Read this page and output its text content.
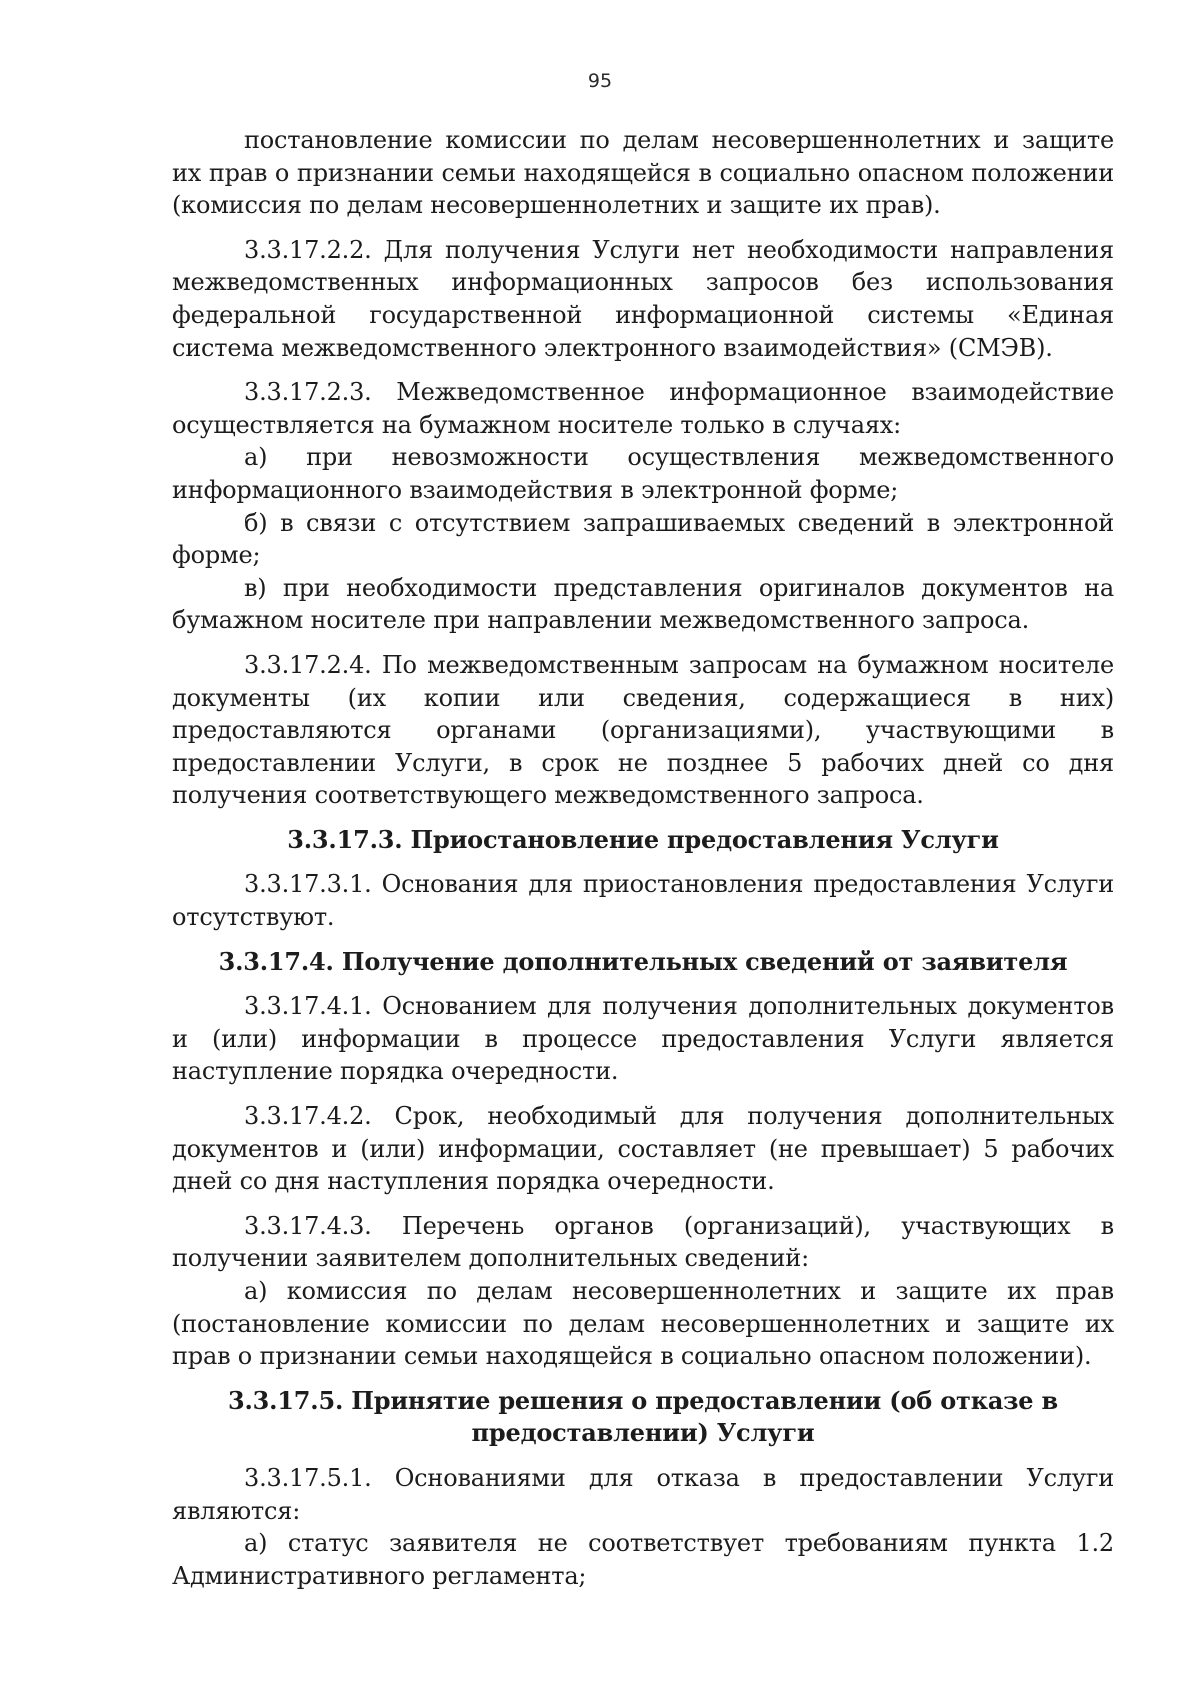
95

постановление комиссии по делам несовершеннолетних и защите их прав о признании семьи находящейся в социально опасном положении (комиссия по делам несовершеннолетних и защите их прав).

3.3.17.2.2. Для получения Услуги нет необходимости направления межведомственных информационных запросов без использования федеральной государственной информационной системы «Единая система межведомственного электронного взаимодействия» (СМЭВ).

3.3.17.2.3. Межведомственное информационное взаимодействие осуществляется на бумажном носителе только в случаях:

а) при невозможности осуществления межведомственного информационного взаимодействия в электронной форме;

б) в связи с отсутствием запрашиваемых сведений в электронной форме;

в) при необходимости представления оригиналов документов на бумажном носителе при направлении межведомственного запроса.

3.3.17.2.4. По межведомственным запросам на бумажном носителе документы (их копии или сведения, содержащиеся в них) предоставляются органами (организациями), участвующими в предоставлении Услуги, в срок не позднее 5 рабочих дней со дня получения соответствующего межведомственного запроса.

3.3.17.3. Приостановление предоставления Услуги

3.3.17.3.1. Основания для приостановления предоставления Услуги отсутствуют.

3.3.17.4. Получение дополнительных сведений от заявителя

3.3.17.4.1. Основанием для получения дополнительных документов и (или) информации в процессе предоставления Услуги является наступление порядка очередности.

3.3.17.4.2. Срок, необходимый для получения дополнительных документов и (или) информации, составляет (не превышает) 5 рабочих дней со дня наступления порядка очередности.

3.3.17.4.3. Перечень органов (организаций), участвующих в получении заявителем дополнительных сведений:

а) комиссия по делам несовершеннолетних и защите их прав (постановление комиссии по делам несовершеннолетних и защите их прав о признании семьи находящейся в социально опасном положении).

3.3.17.5. Принятие решения о предоставлении (об отказе в
предоставлении) Услуги

3.3.17.5.1. Основаниями для отказа в предоставлении Услуги являются:

а) статус заявителя не соответствует требованиям пункта 1.2 Административного регламента;
